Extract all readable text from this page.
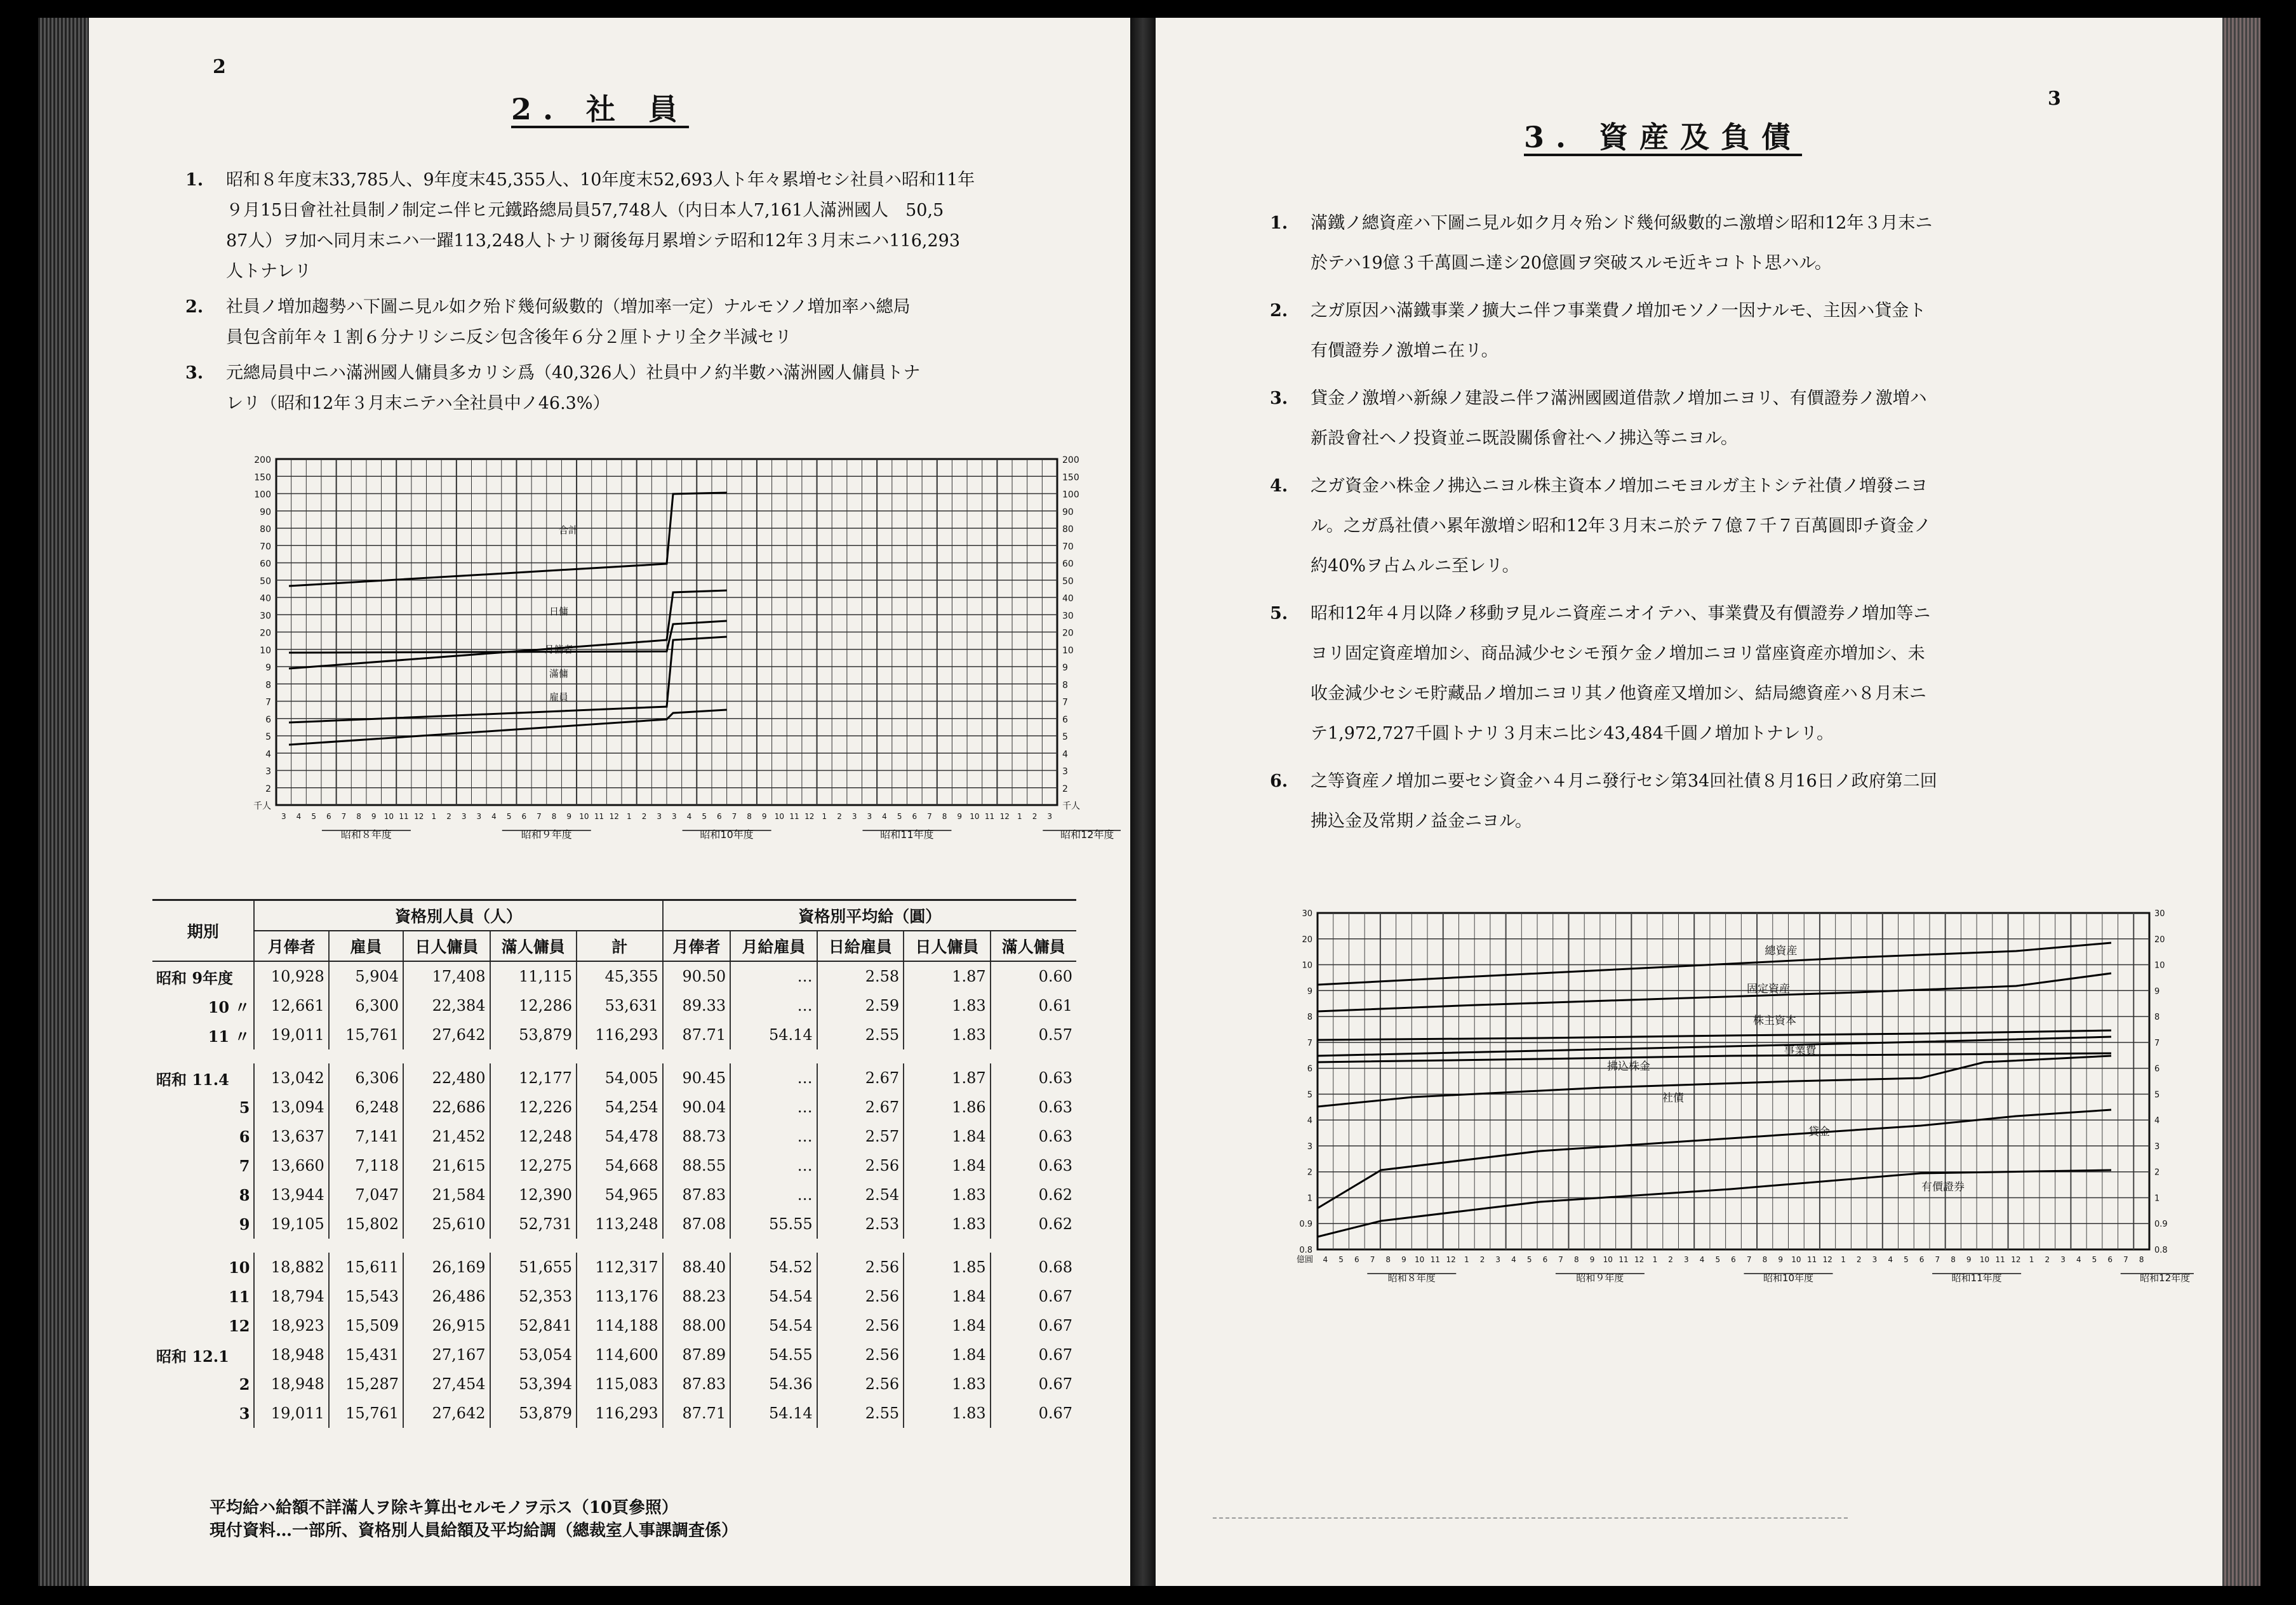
2
2. 社 員
1. 昭和８年度末33,785人、9年度末45,355人、10年度末52,693人ト年々累増セシ社員ハ昭和11年
９月15日會社社員制ノ制定ニ伴ヒ元鐵路總局員57,748人（内日本人7,161人滿洲國人　50,5
87人）ヲ加ヘ同月末ニハ一躍113,248人トナリ爾後毎月累増シテ昭和12年３月末ニハ116,293
人トナレリ
2. 社員ノ増加趨勢ハ下圖ニ見ル如ク殆ド幾何級數的（増加率一定）ナルモソノ増加率ハ總局
員包含前年々１割６分ナリシニ反シ包含後年６分２厘トナリ全ク半減セリ
3. 元總局員中ニハ滿洲國人傭員多カリシ爲（40,326人）社員中ノ約半數ハ滿洲國人傭員トナ
レリ（昭和12年３月末ニテハ全社員中ノ46.3%）
200	200
150	150
100	100
90	90
80	80
70	70
60	60
50	50
40	40
30	30
20	20
10	10
9	9
8	8
7	7
6	6
5	5
4	4
3	3
2	2
千人	千人
3 4 5 6 7 8 9 10 11 12 1 2 3 3 4 5 6 7 8 9 10 11 12 1 2 3 3 4 5 6 7 8 9 10 11 12 1 2 3 3 4 5 6 7 8 9 10 11 12 1 2 3
昭和８年度	昭和９年度	昭和10年度	昭和11年度	昭和12年度
合計
日傭
月傭者
滿傭
雇員
期別	資格別人員（人）					資格別平均給（圓）				
	月俸者	雇員	日人傭員	滿人傭員	計	月俸者	月給雇員	日給雇員	日人傭員	滿人傭員
昭和 9年度	10,928	5,904	17,408	11,115	45,355	90.50	…	2.58	1.87	0.60
10 〃	12,661	6,300	22,384	12,286	53,631	89.33	…	2.59	1.83	0.61
11 〃	19,011	15,761	27,642	53,879	116,293	87.71	54.14	2.55	1.83	0.57

昭和 11.4	13,042	6,306	22,480	12,177	54,005	90.45	…	2.67	1.87	0.63
5	13,094	6,248	22,686	12,226	54,254	90.04	…	2.67	1.86	0.63
6	13,637	7,141	21,452	12,248	54,478	88.73	…	2.57	1.84	0.63
7	13,660	7,118	21,615	12,275	54,668	88.55	…	2.56	1.84	0.63
8	13,944	7,047	21,584	12,390	54,965	87.83	…	2.54	1.83	0.62
9	19,105	15,802	25,610	52,731	113,248	87.08	55.55	2.53	1.83	0.62

10	18,882	15,611	26,169	51,655	112,317	88.40	54.52	2.56	1.85	0.68
11	18,794	15,543	26,486	52,353	113,176	88.23	54.54	2.56	1.84	0.67
12	18,923	15,509	26,915	52,841	114,188	88.00	54.54	2.56	1.84	0.67
昭和 12.1	18,948	15,431	27,167	53,054	114,600	87.89	54.55	2.56	1.84	0.67
2	18,948	15,287	27,454	53,394	115,083	87.83	54.36	2.56	1.83	0.67
3	19,011	15,761	27,642	53,879	116,293	87.71	54.14	2.55	1.83	0.67
平均給ハ給額不詳滿人ヲ除キ算出セルモノヲ示ス（10頁參照）
現付資料…一部所、資格別人員給額及平均給調（總裁室人事課調査係）
3
3. 資産及負債
1. 滿鐵ノ總資産ハ下圖ニ見ル如ク月々殆ンド幾何級數的ニ激増シ昭和12年３月末ニ
於テハ19億３千萬圓ニ達シ20億圓ヲ突破スルモ近キコトト思ハル。
2. 之ガ原因ハ滿鐵事業ノ擴大ニ伴フ事業費ノ増加モソノ一因ナルモ、主因ハ貸金ト
有價證券ノ激増ニ在リ。
3. 貸金ノ激増ハ新線ノ建設ニ伴フ滿洲國國道借款ノ増加ニヨリ、有價證券ノ激増ハ
新設會社ヘノ投資並ニ既設關係會社ヘノ拂込等ニヨル。
4. 之ガ資金ハ株金ノ拂込ニヨル株主資本ノ増加ニモヨルガ主トシテ社債ノ増發ニヨ
ル。之ガ爲社債ハ累年激増シ昭和12年３月末ニ於テ７億７千７百萬圓即チ資金ノ
約40%ヲ占ムルニ至レリ。
5. 昭和12年４月以降ノ移動ヲ見ルニ資産ニオイテハ、事業費及有價證券ノ増加等ニ
ヨリ固定資産増加シ、商品減少セシモ預ケ金ノ増加ニヨリ當座資産亦増加シ、未
收金減少セシモ貯藏品ノ増加ニヨリ其ノ他資産又増加シ、結局總資産ハ８月末ニ
テ1,972,727千圓トナリ３月末ニ比シ43,484千圓ノ増加トナレリ。
6. 之等資産ノ増加ニ要セシ資金ハ４月ニ發行セシ第34回社債８月16日ノ政府第二回
拂込金及常期ノ益金ニヨル。
30	30
20	20
10	10
9	9
8	8
7	7
6	6
5	5
4	4
3	3
2	2
1	1
0.9	0.9
0.8	0.8
億圓 4 5 6 7 8 9 10 11 12 1 2 3 4 5 6 7 8 9 10 11 12 1 2 3 4 5 6 7 8 9 10 11 12 1 2 3 4 5 6 7 8 9 10 11 12 1 2 3 4 5 6 7 8
昭和８年度	昭和９年度	昭和10年度	昭和11年度	昭和12年度
總資産
固定資産
株主資本
事業費
拂込株金
社債
貸金
有價證券
